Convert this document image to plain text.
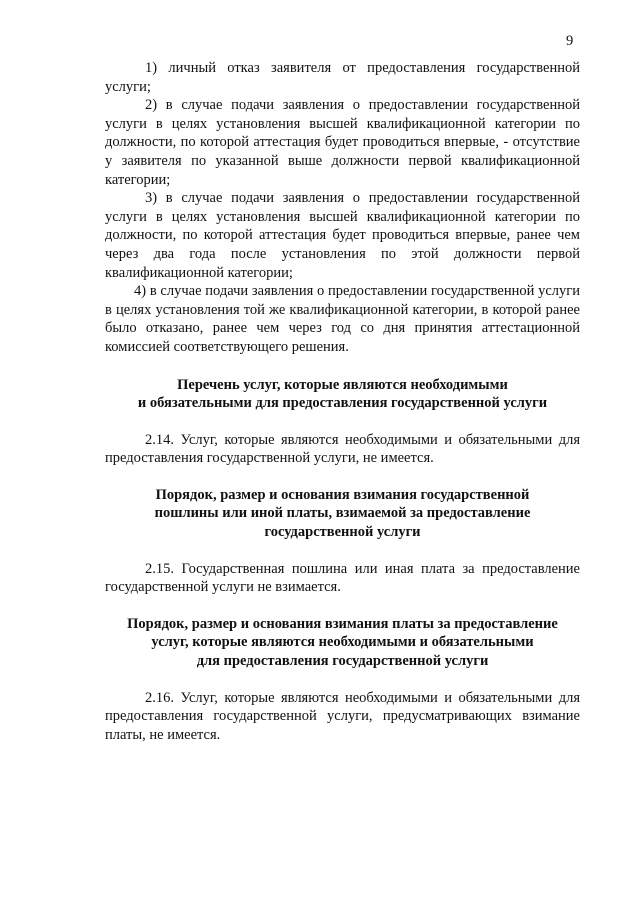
9

1) личный отказ заявителя от предоставления государственной услуги;

2) в случае подачи заявления о предоставлении государственной услуги в целях установления высшей квалификационной категории по должности, по которой аттестация будет проводиться впервые, - отсутствие у заявителя по указанной выше должности первой квалификационной категории;

3) в случае подачи заявления о предоставлении государственной услуги в целях установления высшей квалификационной категории по должности, по которой аттестация будет проводиться впервые, ранее чем через два года после установления по этой должности первой квалификационной категории;

4) в случае подачи заявления о предоставлении государственной услуги в целях установления той же квалификационной категории, в которой ранее было отказано, ранее чем через год со дня принятия аттестационной комиссией соответствующего решения.

Перечень услуг, которые являются необходимыми
и обязательными для предоставления государственной услуги

2.14. Услуг, которые являются необходимыми и обязательными для предоставления государственной услуги, не имеется.

Порядок, размер и основания взимания государственной
пошлины или иной платы, взимаемой за предоставление
государственной услуги

2.15. Государственная пошлина или иная плата за предоставление государственной услуги не взимается.

Порядок, размер и основания взимания платы за предоставление
услуг, которые являются необходимыми и обязательными
для предоставления государственной услуги

2.16. Услуг, которые являются необходимыми и обязательными для предоставления государственной услуги, предусматривающих взимание платы, не имеется.
